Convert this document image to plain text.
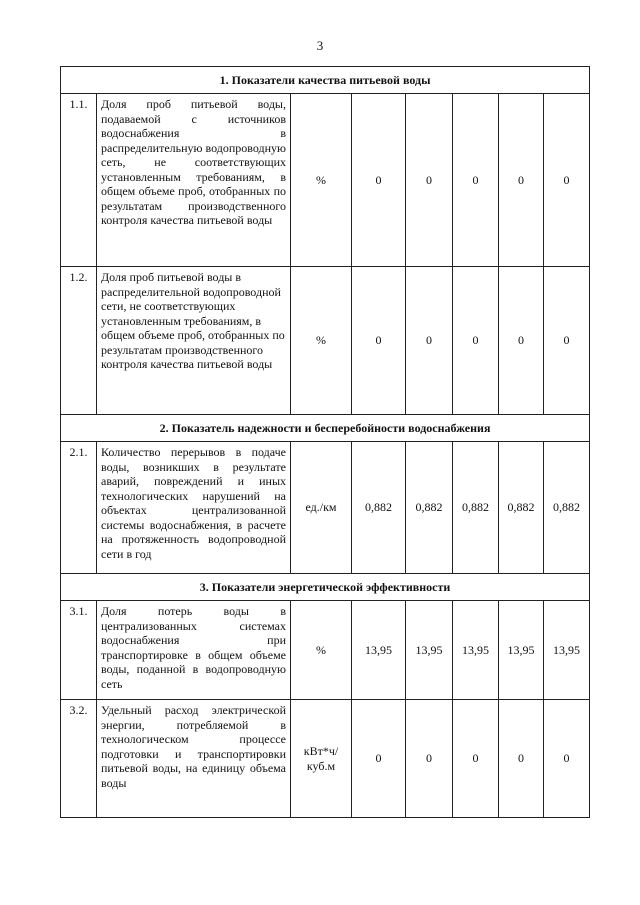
3
1. Показатели качества питьевой воды							
1.1.	Доля проб питьевой воды, подаваемой с источников водоснабжения в распределительную водопроводную сеть, не соответствующих установленным требованиям, в общем объеме проб, отобранных по результатам производственного контроля качества питьевой воды	%	0	0	0	0	0
1.2.	Доля проб питьевой воды в распределительной водопроводной сети, не соответствующих установленным требованиям, в общем объеме проб, отобранных по результатам производственного контроля качества питьевой воды	%	0	0	0	0	0
2. Показатель надежности и бесперебойности водоснабжения							
2.1.	Количество перерывов в подаче воды, возникших в результате аварий, повреждений и иных технологических нарушений на объектах централизованной системы водоснабжения, в расчете на протяженность водопроводной сети в год	ед./км	0,882	0,882	0,882	0,882	0,882
3. Показатели энергетической эффективности							
3.1.	Доля потерь воды в централизованных системах водоснабжения при транспортировке в общем объеме воды, поданной в водопроводную сеть	%	13,95	13,95	13,95	13,95	13,95
3.2.	Удельный расход электрической энергии, потребляемой в технологическом процессе подготовки и транспортировки питьевой воды, на единицу объема воды	кВт*ч/ куб.м	0	0	0	0	0
